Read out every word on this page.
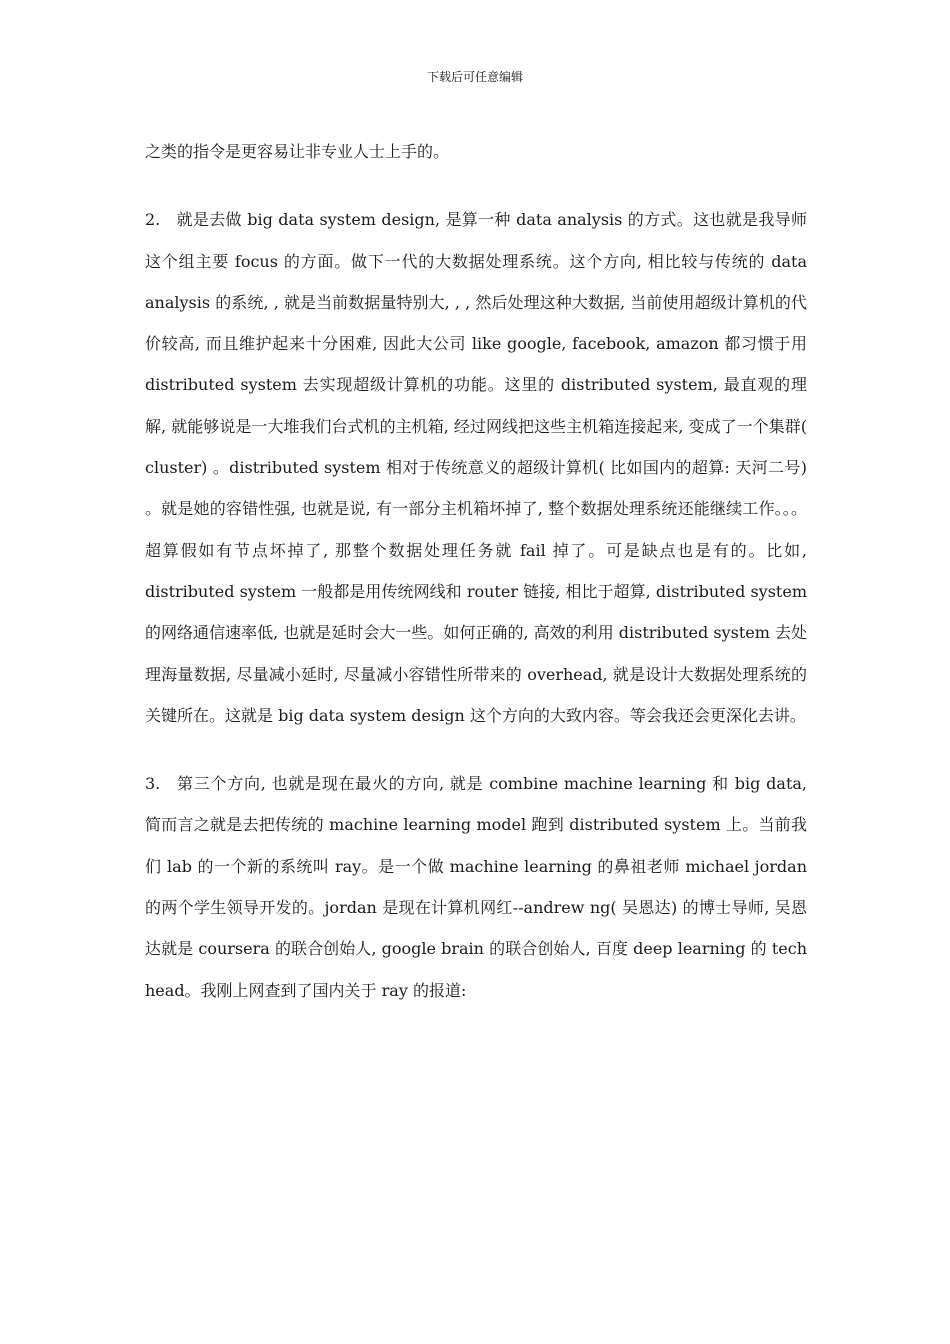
下载后可任意编辑

之类的指令是更容易让非专业人士上手的。

2. 就是去做 big data system design, 是算一种 data analysis 的方式。这也就是我导师这个组主要 focus 的方面。做下一代的大数据处理系统。这个方向, 相比较与传统的 data analysis 的系统, , 就是当前数据量特别大, , , 然后处理这种大数据, 当前使用超级计算机的代价较高, 而且维护起来十分困难, 因此大公司 like google, facebook, amazon 都习惯于用 distributed system 去实现超级计算机的功能。这里的 distributed system, 最直观的理解, 就能够说是一大堆我们台式机的主机箱, 经过网线把这些主机箱连接起来, 变成了一个集群( cluster) 。distributed system 相对于传统意义的超级计算机( 比如国内的超算: 天河二号) 。就是她的容错性强, 也就是说, 有一部分主机箱坏掉了, 整个数据处理系统还能继续工作。。。 超算假如有节点坏掉了, 那整个数据处理任务就 fail 掉了。可是缺点也是有的。比如, distributed system 一般都是用传统网线和 router 链接, 相比于超算, distributed system 的网络通信速率低, 也就是延时会大一些。如何正确的, 高效的利用 distributed system 去处理海量数据, 尽量减小延时, 尽量减小容错性所带来的 overhead, 就是设计大数据处理系统的关键所在。这就是 big data system design 这个方向的大致内容。等会我还会更深化去讲。

3. 第三个方向, 也就是现在最火的方向, 就是 combine machine learning 和 big data, 简而言之就是去把传统的 machine learning model 跑到 distributed system 上。当前我们 lab 的一个新的系统叫 ray。是一个做 machine learning 的鼻祖老师 michael jordan 的两个学生领导开发的。jordan 是现在计算机网红--andrew ng( 吴恩达) 的博士导师, 吴恩达就是 coursera 的联合创始人, google brain 的联合创始人, 百度 deep learning 的 tech head。我刚上网查到了国内关于 ray 的报道:
